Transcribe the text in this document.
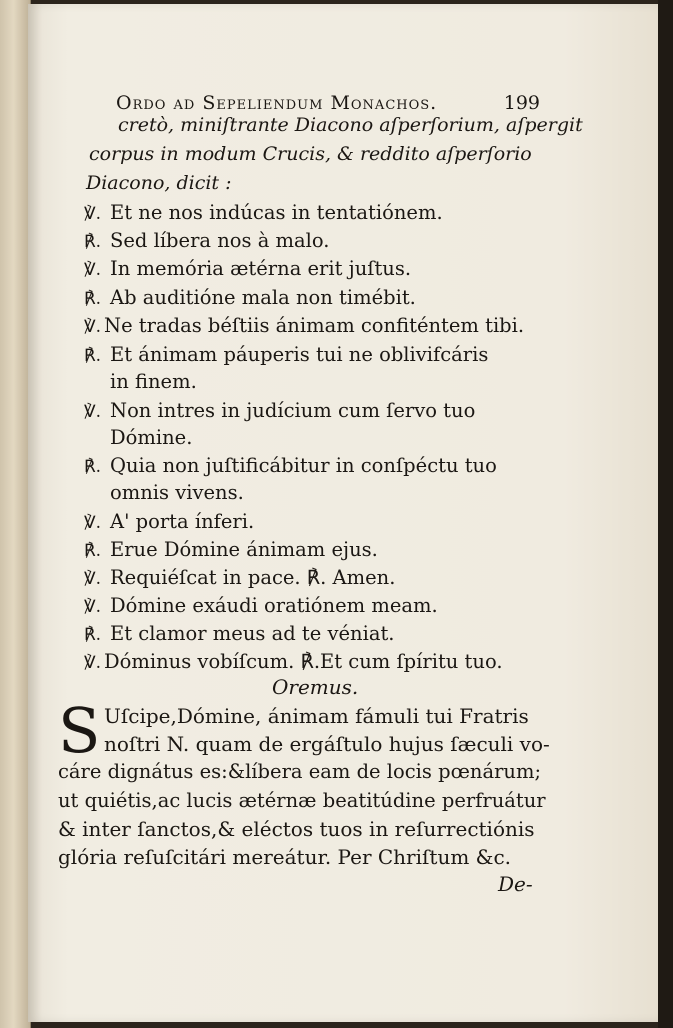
Ordo ad Sepeliendum Monachos.	199
cretò, miniſtrante Diacono aſperſorium, aſpergit
corpus in modum Crucis, & reddito aſperſorio
Diacono, dicit :
℣. Et ne nos indúcas in tentatiónem.
℟. Sed líbera nos à malo.
℣. In memória ætérna erit juſtus.
℟. Ab auditióne mala non timébit.
℣. Ne tradas béſtiis ánimam confiténtem tibi.
℟. Et ánimam páuperis tui ne oblivifcáris
in finem.
℣. Non intres in judícium cum ſervo tuo
Dómine.
℟. Quia non juſtificábitur in conſpéctu tuo
omnis vivens.
℣. A' porta ínferi.
℟. Erue Dómine ánimam ejus.
℣. Requiéſcat in pace. ℟. Amen.
℣. Dómine exáudi oratiónem meam.
℟. Et clamor meus ad te véniat.
℣. Dóminus vobíſcum. ℟.Et cum ſpíritu tuo.
Oremus.
S Uſcipe,Dómine, ánimam fámuli tui Fratris
noſtri N. quam de ergáſtulo hujus ſæculi vo-
cáre dignátus es:&líbera eam de locis pœnárum;
ut quiétis,ac lucis ætérnæ beatitúdine perfruátur
& inter ſanctos,& eléctos tuos in reſurrectiónis
glória reſuſcitári mereátur. Per Chriſtum &c.
De-
